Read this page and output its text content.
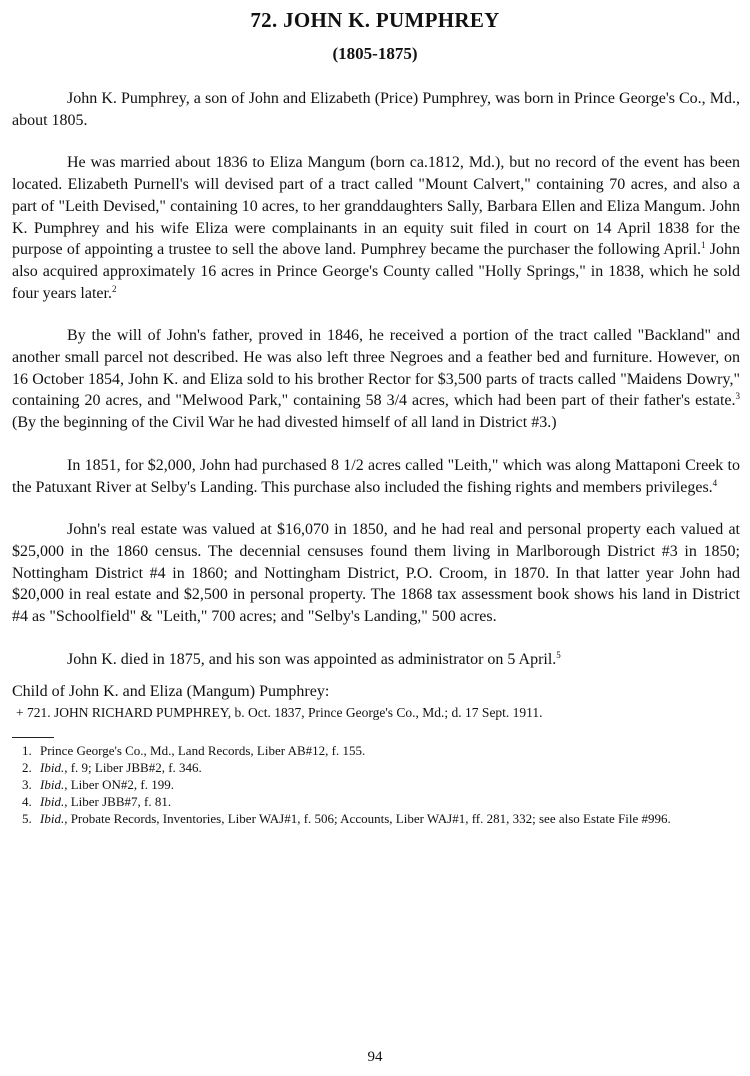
72. JOHN K. PUMPHREY
(1805-1875)

John K. Pumphrey, a son of John and Elizabeth (Price) Pumphrey, was born in Prince George's Co., Md., about 1805.

He was married about 1836 to Eliza Mangum (born ca.1812, Md.), but no record of the event has been located. Elizabeth Purnell's will devised part of a tract called "Mount Calvert," containing 70 acres, and also a part of "Leith Devised," containing 10 acres, to her granddaughters Sally, Barbara Ellen and Eliza Mangum. John K. Pumphrey and his wife Eliza were complainants in an equity suit filed in court on 14 April 1838 for the purpose of appointing a trustee to sell the above land. Pumphrey became the purchaser the following April.$^1$ John also acquired approximately 16 acres in Prince George's County called "Holly Springs," in 1838, which he sold four years later.$^2$

By the will of John's father, proved in 1846, he received a portion of the tract called "Backland" and another small parcel not described. He was also left three Negroes and a feather bed and furniture. However, on 16 October 1854, John K. and Eliza sold to his brother Rector for $3,500 parts of tracts called "Maidens Dowry," containing 20 acres, and "Melwood Park," containing 58 3/4 acres, which had been part of their father's estate.$^3$ (By the beginning of the Civil War he had divested himself of all land in District #3.)

In 1851, for $2,000, John had purchased 8 1/2 acres called "Leith," which was along Mattaponi Creek to the Patuxant River at Selby's Landing. This purchase also included the fishing rights and members privileges.$^4$

John's real estate was valued at $16,070 in 1850, and he had real and personal property each valued at $25,000 in the 1860 census. The decennial censuses found them living in Marlborough District #3 in 1850; Nottingham District #4 in 1860; and Nottingham District, P.O. Croom, in 1870. In that latter year John had $20,000 in real estate and $2,500 in personal property. The 1868 tax assessment book shows his land in District #4 as "Schoolfield" & "Leith," 700 acres; and "Selby's Landing," 500 acres.

John K. died in 1875, and his son was appointed as administrator on 5 April.$^5$

Child of John K. and Eliza (Mangum) Pumphrey:
+ 721. JOHN RICHARD PUMPHREY, b. Oct. 1837, Prince George's Co., Md.; d. 17 Sept. 1911.
1. Prince George's Co., Md., Land Records, Liber AB#12, f. 155.
2. Ibid., f. 9; Liber JBB#2, f. 346.
3. Ibid., Liber ON#2, f. 199.
4. Ibid., Liber JBB#7, f. 81.
5. Ibid., Probate Records, Inventories, Liber WAJ#1, f. 506; Accounts, Liber WAJ#1, ff. 281, 332; see also Estate File #996.
94
